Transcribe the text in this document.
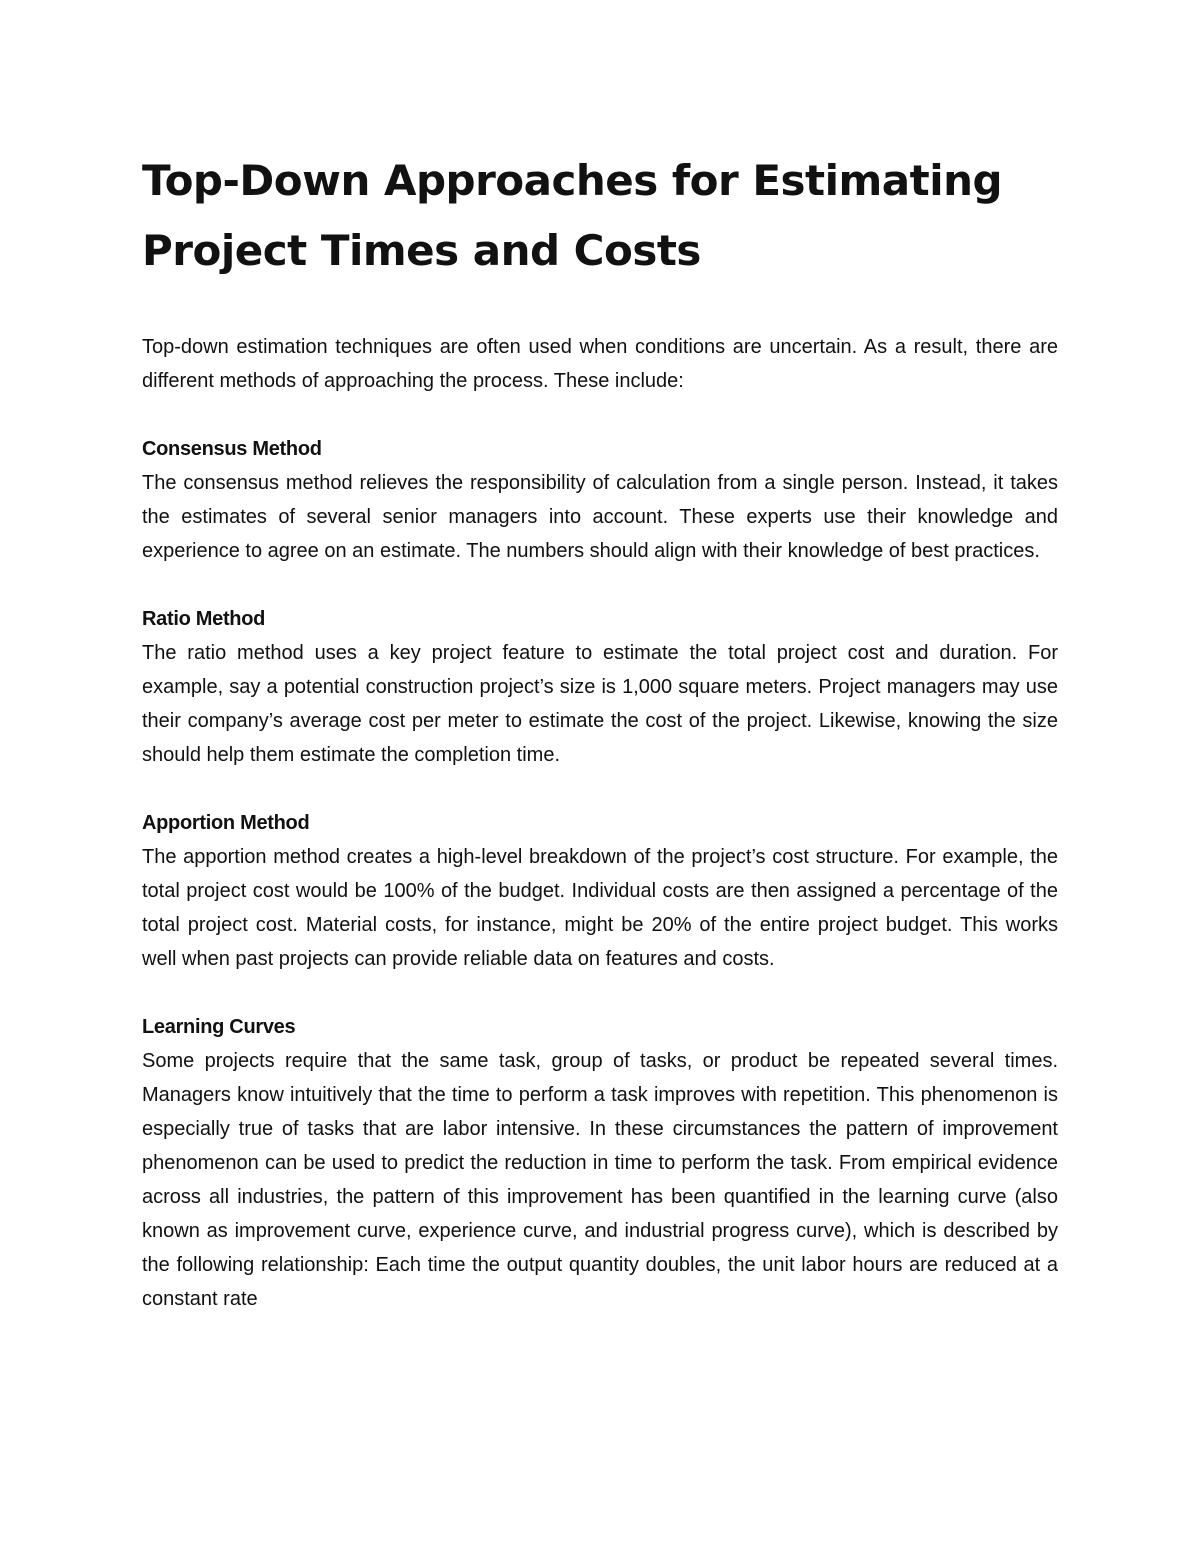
Top-Down Approaches for Estimating Project Times and Costs

Top-down estimation techniques are often used when conditions are uncertain. As a result, there are different methods of approaching the process. These include:

Consensus Method

The consensus method relieves the responsibility of calculation from a single person. Instead, it takes the estimates of several senior managers into account. These experts use their knowledge and experience to agree on an estimate. The numbers should align with their knowledge of best practices.

Ratio Method

The ratio method uses a key project feature to estimate the total project cost and duration. For example, say a potential construction project’s size is 1,000 square meters. Project managers may use their company’s average cost per meter to estimate the cost of the project. Likewise, knowing the size should help them estimate the completion time.

Apportion Method

The apportion method creates a high-level breakdown of the project’s cost structure. For example, the total project cost would be 100% of the budget. Individual costs are then assigned a percentage of the total project cost. Material costs, for instance, might be 20% of the entire project budget. This works well when past projects can provide reliable data on features and costs.

Learning Curves

Some projects require that the same task, group of tasks, or product be repeated several times. Managers know intuitively that the time to perform a task improves with repetition. This phenomenon is especially true of tasks that are labor intensive. In these circumstances the pattern of improvement phenomenon can be used to predict the reduction in time to perform the task. From empirical evidence across all industries, the pattern of this improvement has been quantified in the learning curve (also known as improvement curve, experience curve, and industrial progress curve), which is described by the following relationship: Each time the output quantity doubles, the unit labor hours are reduced at a constant rate
